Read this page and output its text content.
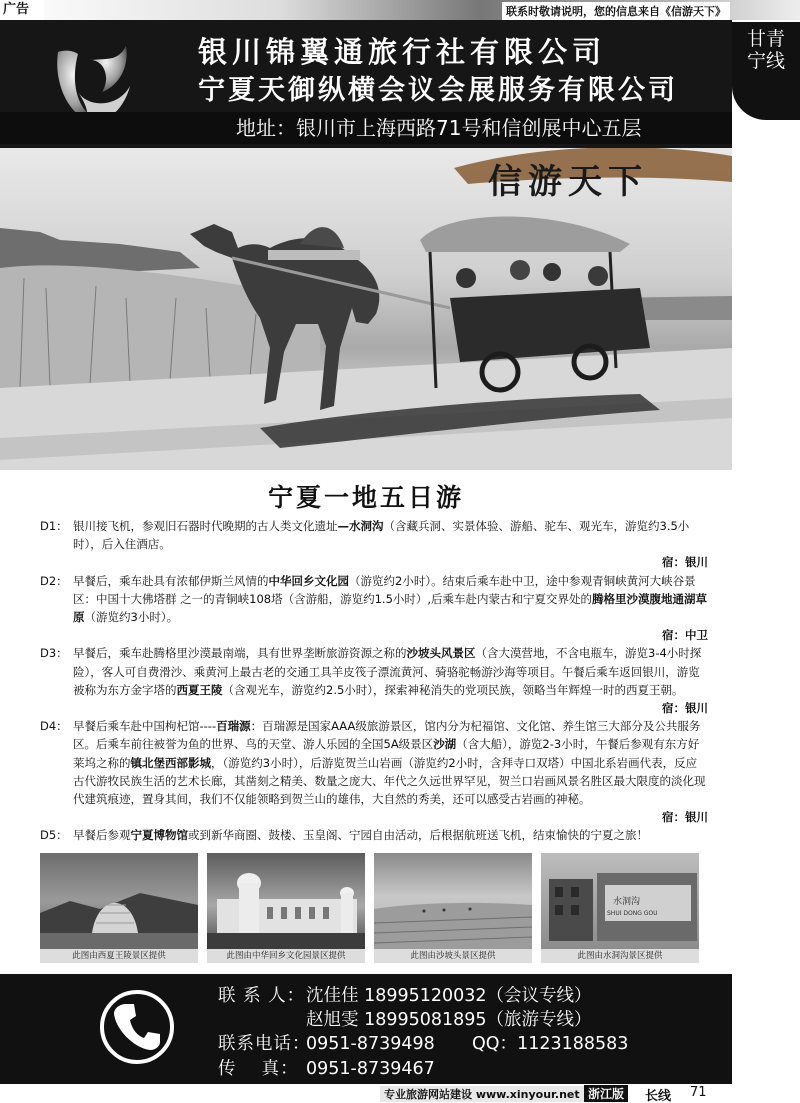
广告	联系时敬请说明，您的信息来自《信游天下》
甘青
宁线
银川锦翼通旅行社有限公司
宁夏天御纵横会议会展服务有限公司
地址：银川市上海西路71号和信创展中心五层
信游天下
宁夏一地五日游
D1： 银川接飞机，参观旧石器时代晚期的古人类文化遗址—水洞沟（含藏兵洞、实景体验、游船、驼车、观光车，游览约3.5小 时），后入住酒店。
宿：银川
D2： 早餐后，乘车赴具有浓郁伊斯兰风情的中华回乡文化园（游览约2小时）。结束后乘车赴中卫，途中参观青铜峡黄河大峡谷景 区：中国十大佛塔群 之一的青铜峡108塔（含游船，游览约1.5小时）,后乘车赴内蒙古和宁夏交界处的腾格里沙漠腹地通湖草原（游览约3小时）。
宿：中卫
D3： 早餐后，乘车赴腾格里沙漠最南端，具有世界垄断旅游资源之称的沙坡头风景区（含大漠营地，不含电瓶车，游览3-4小时探险），客人可自费滑沙、乘黄河上最古老的交通工具羊皮筏子漂流黄河、骑骆驼畅游沙海等项目。午餐后乘车返回银川，游览被称为东方金字塔的西夏王陵（含观光车，游览约2.5小时），探索神秘消失的党项民族，领略当年辉煌一时的西夏王朝。
宿：银川
D4： 早餐后乘车赴中国枸杞馆----百瑞源：百瑞源是国家AAA级旅游景区，馆内分为杞福馆、文化馆、养生馆三大部分及公共服务区。后乘车前往被誉为鱼的世界、鸟的天堂、游人乐园的全国5A级景区沙湖（含大船），游览2-3小时，午餐后参观有东方好 莱坞之称的镇北堡西部影城，（游览约3小时），后游览贺兰山岩画（游览约2小时，含拜寺口双塔）中国北系岩画代表，反应古代游牧民族生活的艺术长廊，其凿刻之精美、数量之庞大、年代之久远世界罕见，贺兰口岩画风景名胜区最大限度的淡化现代建筑痕迹，置身其间，我们不仅能领略到贺兰山的雄伟，大自然的秀美，还可以感受古岩画的神秘。
宿：银川
D5： 早餐后参观宁夏博物馆或到新华商圈、鼓楼、玉皇阁、宁园自由活动，后根据航班送飞机，结束愉快的宁夏之旅！
此图由西夏王陵景区提供	此图由中华回乡文化园景区提供	此图由沙坡头景区提供
水洞沟
SHUI DONG GOU
此图由水洞沟景区提供
联 系 人：沈佳佳 18995120032（会议专线）
赵旭雯 18995081895（旅游专线）
联系电话：0951-8739498 QQ：1123188583
传　 真： 0951-8739467
专业旅游网站建设 www.xinyour.net 浙江版	长线 71
